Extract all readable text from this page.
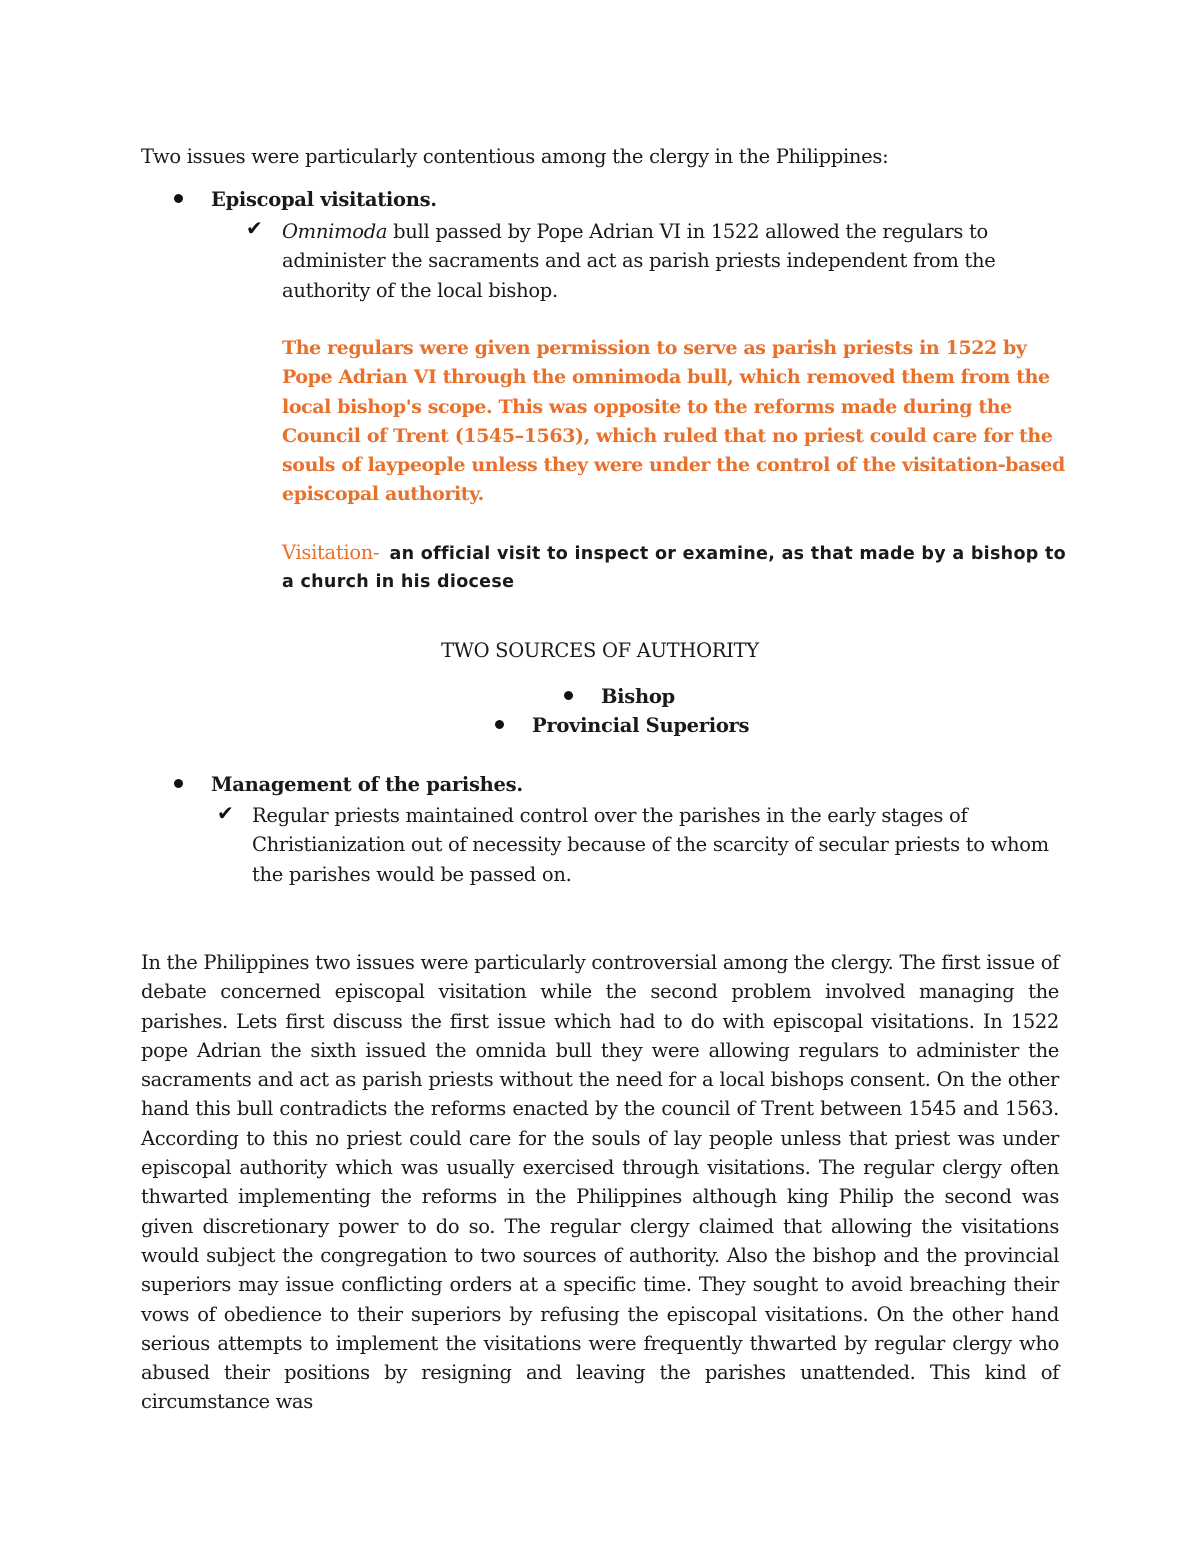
Two issues were particularly contentious among the clergy in the Philippines:

Episcopal visitations.
✔ Omnimoda bull passed by Pope Adrian VI in 1522 allowed the regulars to administer the sacraments and act as parish priests independent from the authority of the local bishop.

The regulars were given permission to serve as parish priests in 1522 by Pope Adrian VI through the omnimoda bull, which removed them from the local bishop's scope. This was opposite to the reforms made during the Council of Trent (1545–1563), which ruled that no priest could care for the souls of laypeople unless they were under the control of the visitation-based episcopal authority.

Visitation- an official visit to inspect or examine, as that made by a bishop to a church in his diocese

TWO SOURCES OF AUTHORITY

Bishop
Provincial Superiors
Management of the parishes.
✔ Regular priests maintained control over the parishes in the early stages of Christianization out of necessity because of the scarcity of secular priests to whom the parishes would be passed on.

In the Philippines two issues were particularly controversial among the clergy. The first issue of debate concerned episcopal visitation while the second problem involved managing the parishes. Lets first discuss the first issue which had to do with episcopal visitations. In 1522 pope Adrian the sixth issued the omnida bull they were allowing regulars to administer the sacraments and act as parish priests without the need for a local bishops consent. On the other hand this bull contradicts the reforms enacted by the council of Trent between 1545 and 1563. According to this no priest could care for the souls of lay people unless that priest was under episcopal authority which was usually exercised through visitations. The regular clergy often thwarted implementing the reforms in the Philippines although king Philip the second was given discretionary power to do so. The regular clergy claimed that allowing the visitations would subject the congregation to two sources of authority. Also the bishop and the provincial superiors may issue conflicting orders at a specific time. They sought to avoid breaching their vows of obedience to their superiors by refusing the episcopal visitations. On the other hand serious attempts to implement the visitations were frequently thwarted by regular clergy who abused their positions by resigning and leaving the parishes unattended. This kind of circumstance was
